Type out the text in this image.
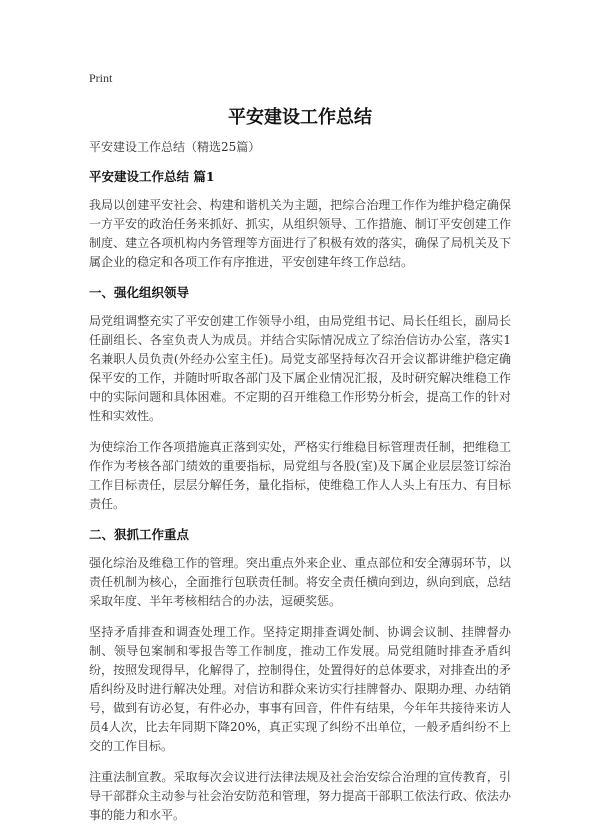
Print

平安建设工作总结

平安建设工作总结（精选25篇）

平安建设工作总结 篇1

我局以创建平安社会、构建和谐机关为主题，把综合治理工作作为维护稳定确保一方平安的政治任务来抓好、抓实，从组织领导、工作措施、制订平安创建工作制度、建立各项机构内务管理等方面进行了积极有效的落实，确保了局机关及下属企业的稳定和各项工作有序推进，平安创建年终工作总结。

一、强化组织领导

局党组调整充实了平安创建工作领导小组，由局党组书记、局长任组长，副局长任副组长、各室负责人为成员。并结合实际情况成立了综治信访办公室，落实1名兼职人员负责(外经办公室主任)。局党支部坚持每次召开会议都讲维护稳定确保平安的工作，并随时听取各部门及下属企业情况汇报，及时研究解决维稳工作中的实际问题和具体困难。不定期的召开维稳工作形势分析会，提高工作的针对性和实效性。

为使综治工作各项措施真正落到实处，严格实行维稳目标管理责任制，把维稳工作作为考核各部门绩效的重要指标，局党组与各股(室)及下属企业层层签订综治工作目标责任，层层分解任务，量化指标，使维稳工作人人头上有压力、有目标责任。

二、狠抓工作重点

强化综治及维稳工作的管理。突出重点外来企业、重点部位和安全薄弱环节，以责任机制为核心，全面推行包联责任制。将安全责任横向到边，纵向到底，总结采取年度、半年考核相结合的办法，逗硬奖惩。

坚持矛盾排查和调查处理工作。坚持定期排查调处制、协调会议制、挂牌督办制、领导包案制和零报告等工作制度，推动工作发展。局党组随时排查矛盾纠纷，按照发现得早，化解得了，控制得住，处置得好的总体要求，对排查出的矛盾纠纷及时进行解决处理。对信访和群众来访实行挂牌督办、限期办理、办结销号，做到有访必复，有件必办，事事有回音，件件有结果，今年年共接待来访人员4人次，比去年同期下降20%，真正实现了纠纷不出单位，一般矛盾纠纷不上交的工作目标。

注重法制宣教。采取每次会议进行法律法规及社会治安综合治理的宣传教育，引导干部群众主动参与社会治安防范和管理，努力提高干部职工依法行政、依法办事的能力和水平。
